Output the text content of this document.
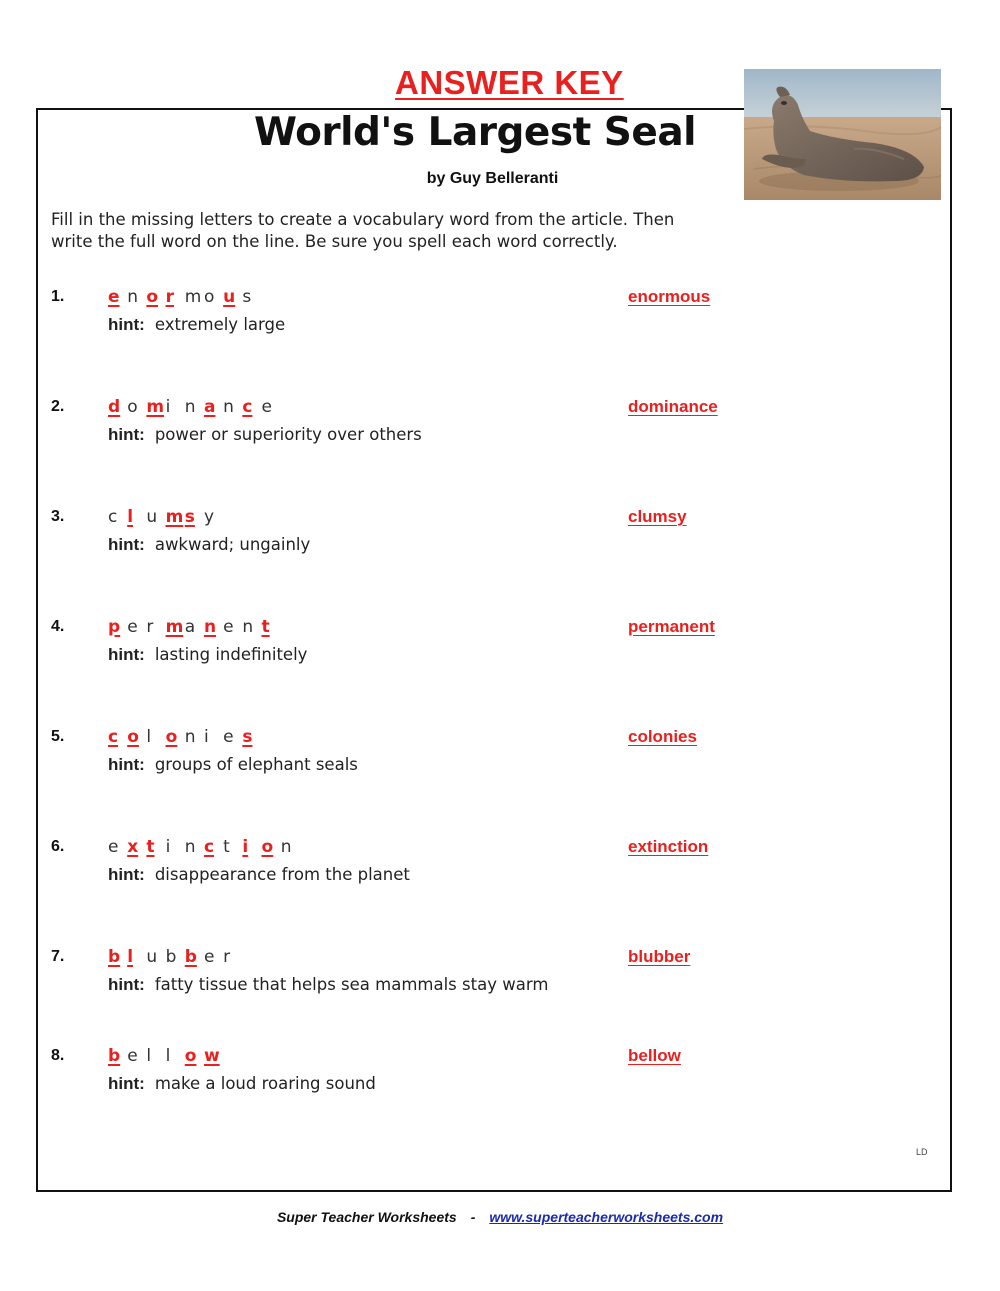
ANSWER KEY
World's Largest Seal
by Guy Belleranti
Fill in the missing letters to create a vocabulary word from the article. Then
write the full word on the line. Be sure you spell each word correctly.
1.	e n o r m o u s
hint: extremely large
enormous
2.	d o m i n a n c e
hint: power or superiority over others
dominance
3.	c l u m s y
hint: awkward; ungainly
clumsy
4.	p e r m a n e n t
hint: lasting indefinitely
permanent
5.	c o l o n i e s
hint: groups of elephant seals
colonies
6.	e x t i n c t i o n
hint: disappearance from the planet
extinction
7.	b l u b b e r
hint: fatty tissue that helps sea mammals stay warm
blubber
8.	b e l l o w
hint: make a loud roaring sound
bellow
LD
Super Teacher Worksheets - www.superteacherworksheets.com
